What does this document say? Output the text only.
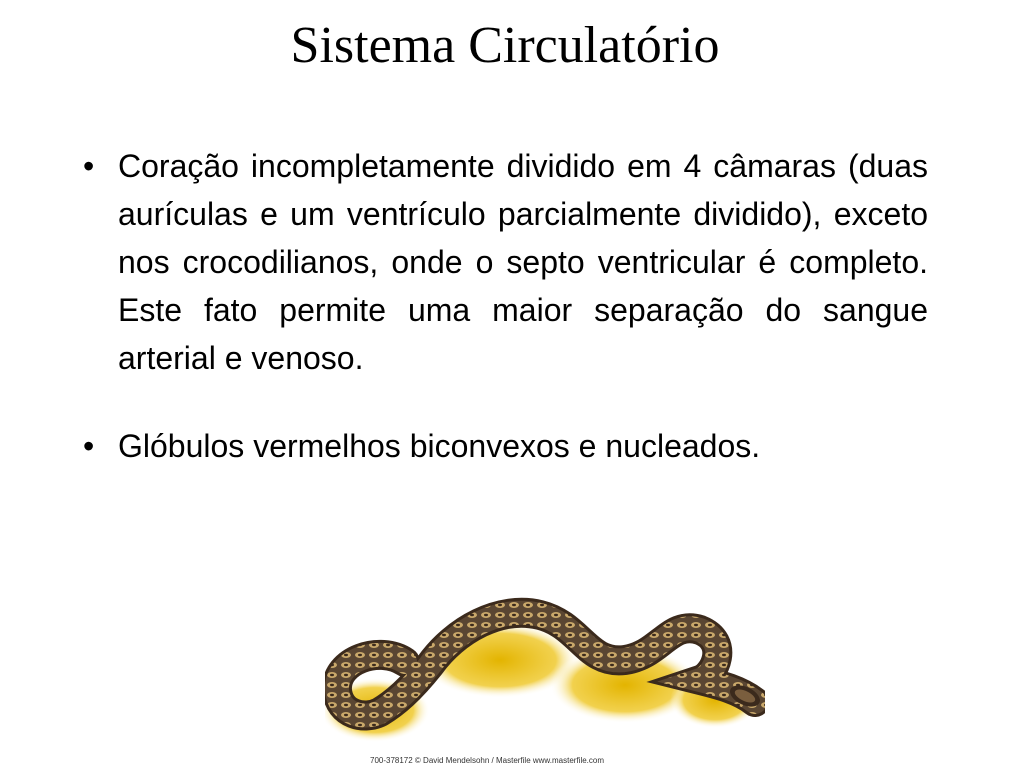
Sistema Circulatório
• Coração incompletamente dividido em 4 câmaras (duas aurículas e um ventrículo parcialmente dividido), exceto nos crocodilianos, onde o septo ventricular é completo. Este fato permite uma maior separação do sangue arterial e venoso.
• Glóbulos vermelhos biconvexos e nucleados.
700-378172 © David Mendelsohn / Masterfile www.masterfile.com
